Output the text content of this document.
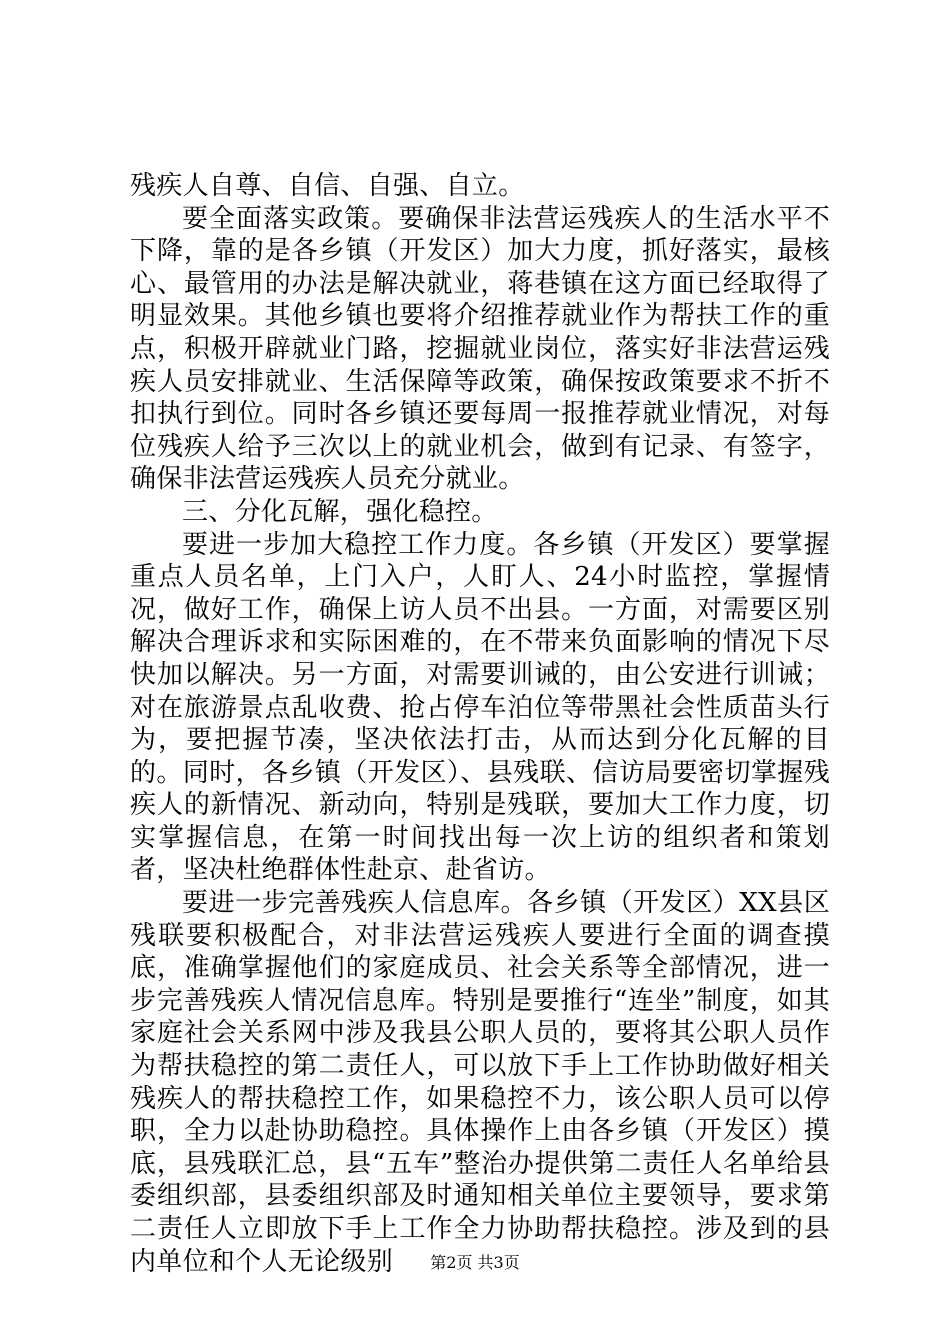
残疾人自尊、自信、自强、自立。

要全面落实政策。要确保非法营运残疾人的生活水平不下降，靠的是各乡镇（开发区）加大力度，抓好落实，最核心、最管用的办法是解决就业，蒋巷镇在这方面已经取得了明显效果。其他乡镇也要将介绍推荐就业作为帮扶工作的重点，积极开辟就业门路，挖掘就业岗位，落实好非法营运残疾人员安排就业、生活保障等政策，确保按政策要求不折不扣执行到位。同时各乡镇还要每周一报推荐就业情况，对每位残疾人给予三次以上的就业机会，做到有记录、有签字，确保非法营运残疾人员充分就业。

三、分化瓦解，强化稳控。

要进一步加大稳控工作力度。各乡镇（开发区）要掌握重点人员名单，上门入户，人盯人、24小时监控，掌握情况，做好工作，确保上访人员不出县。一方面，对需要区别解决合理诉求和实际困难的，在不带来负面影响的情况下尽快加以解决。另一方面，对需要训诫的，由公安进行训诫；对在旅游景点乱收费、抢占停车泊位等带黑社会性质苗头行为，要把握节凑，坚决依法打击，从而达到分化瓦解的目的。同时，各乡镇（开发区）、县残联、信访局要密切掌握残疾人的新情况、新动向，特别是残联，要加大工作力度，切实掌握信息，在第一时间找出每一次上访的组织者和策划者，坚决杜绝群体性赴京、赴省访。

要进一步完善残疾人信息库。各乡镇（开发区）XX县区残联要积极配合，对非法营运残疾人要进行全面的调查摸底，准确掌握他们的家庭成员、社会关系等全部情况，进一步完善残疾人情况信息库。特别是要推行“连坐”制度，如其家庭社会关系网中涉及我县公职人员的，要将其公职人员作为帮扶稳控的第二责任人，可以放下手上工作协助做好相关残疾人的帮扶稳控工作，如果稳控不力，该公职人员可以停职，全力以赴协助稳控。具体操作上由各乡镇（开发区）摸底，县残联汇总，县“五车”整治办提供第二责任人名单给县委组织部，县委组织部及时通知相关单位主要领导，要求第二责任人立即放下手上工作全力协助帮扶稳控。涉及到的县内单位和个人无论级别	第2页 共3页
